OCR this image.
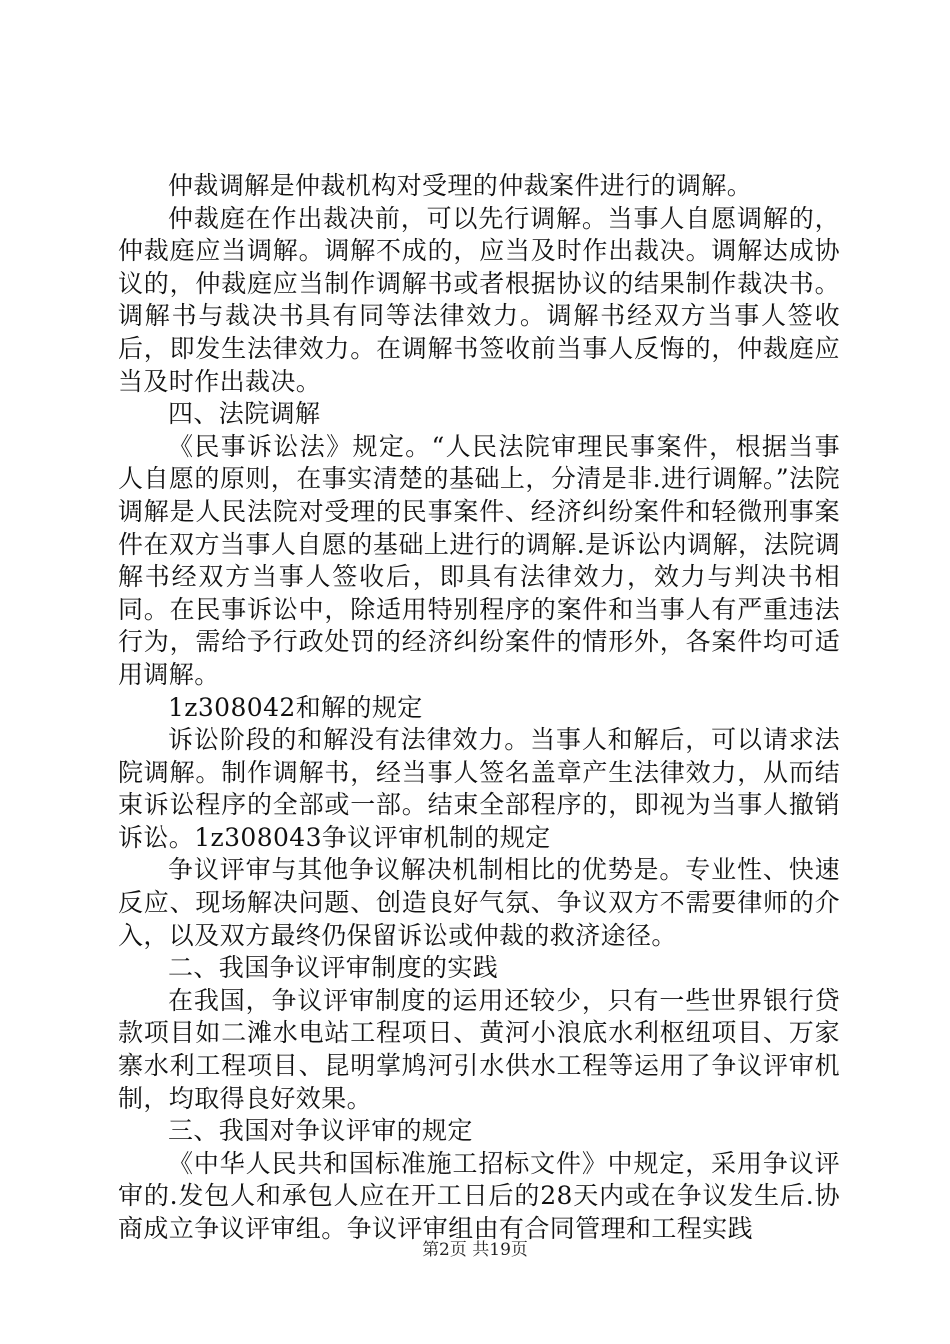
仲裁调解是仲裁机构对受理的仲裁案件进行的调解。

仲裁庭在作出裁决前，可以先行调解。当事人自愿调解的，仲裁庭应当调解。调解不成的，应当及时作出裁决。调解达成协议的，仲裁庭应当制作调解书或者根据协议的结果制作裁决书。调解书与裁决书具有同等法律效力。调解书经双方当事人签收后，即发生法律效力。在调解书签收前当事人反悔的，仲裁庭应当及时作出裁决。

四、法院调解

《民事诉讼法》规定。“人民法院审理民事案件，根据当事人自愿的原则，在事实清楚的基础上，分清是非.进行调解。”法院调解是人民法院对受理的民事案件、经济纠纷案件和轻微刑事案件在双方当事人自愿的基础上进行的调解.是诉讼内调解，法院调解书经双方当事人签收后，即具有法律效力，效力与判决书相同。在民事诉讼中，除适用特别程序的案件和当事人有严重违法行为，需给予行政处罚的经济纠纷案件的情形外，各案件均可适用调解。

1z308042和解的规定

诉讼阶段的和解没有法律效力。当事人和解后，可以请求法院调解。制作调解书，经当事人签名盖章产生法律效力，从而结束诉讼程序的全部或一部。结束全部程序的，即视为当事人撤销诉讼。1z308043争议评审机制的规定

争议评审与其他争议解决机制相比的优势是。专业性、快速反应、现场解决问题、创造良好气氛、争议双方不需要律师的介入，以及双方最终仍保留诉讼或仲裁的救济途径。

二、我国争议评审制度的实践

在我国，争议评审制度的运用还较少，只有一些世界银行贷款项目如二滩水电站工程项日、黄河小浪底水利枢纽项目、万家寨水利工程项目、昆明掌鸠河引水供水工程等运用了争议评审机制，均取得良好效果。

三、我国对争议评审的规定

《中华人民共和国标准施工招标文件》中规定，采用争议评审的.发包人和承包人应在开工日后的28天内或在争议发生后.协商成立争议评审组。争议评审组由有合同管理和工程实践

第2页 共19页
